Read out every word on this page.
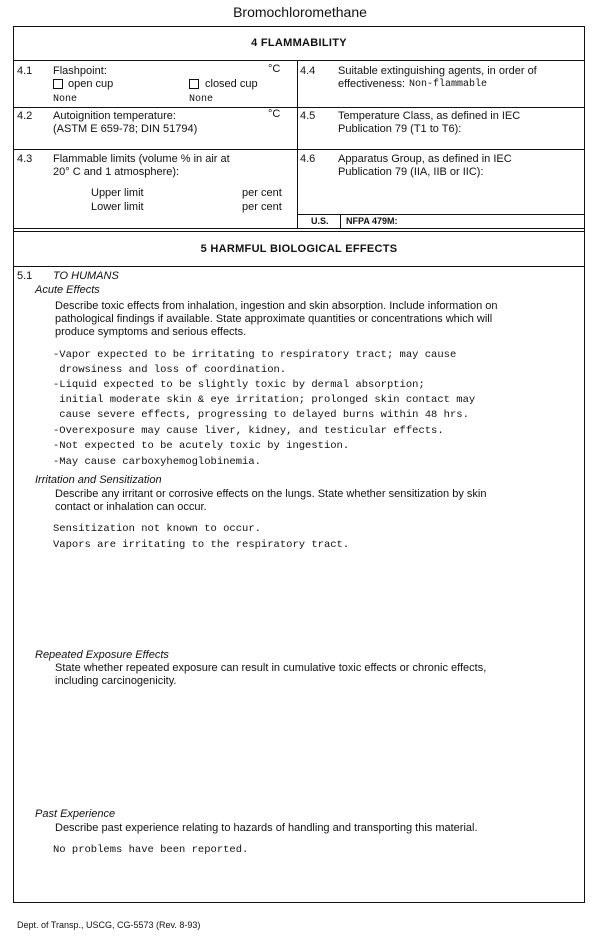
Bromochloromethane
4 FLAMMABILITY
4.1 Flashpoint:	°C
open cup	closed cup
None	None
4.4 Suitable extinguishing agents, in order of
effectiveness: Non-flammable
4.2 Autoignition temperature:	°C
(ASTM E 659-78; DIN 51794)
4.5 Temperature Class, as defined in IEC
Publication 79 (T1 to T6):
4.3 Flammable limits (volume % in air at
20° C and 1 atmosphere):
Upper limit	per cent
Lower limit	per cent
4.6 Apparatus Group, as defined in IEC
Publication 79 (IIA, IIB or IIC):
U.S. NFPA 479M:
5 HARMFUL BIOLOGICAL EFFECTS
5.1 TO HUMANS
Acute Effects
Describe toxic effects from inhalation, ingestion and skin absorption. Include information on
pathological findings if available. State approximate quantities or concentrations which will
produce symptoms and serious effects.
-Vapor expected to be irritating to respiratory tract; may cause
drowsiness and loss of coordination.
-Liquid expected to be slightly toxic by dermal absorption;
initial moderate skin & eye irritation; prolonged skin contact may
cause severe effects, progressing to delayed burns within 48 hrs.
-Overexposure may cause liver, kidney, and testicular effects.
-Not expected to be acutely toxic by ingestion.
-May cause carboxyhemoglobinemia.
Irritation and Sensitization
Describe any irritant or corrosive effects on the lungs. State whether sensitization by skin
contact or inhalation can occur.
Sensitization not known to occur.
Vapors are irritating to the respiratory tract.
Repeated Exposure Effects
State whether repeated exposure can result in cumulative toxic effects or chronic effects,
including carcinogenicity.
Past Experience
Describe past experience relating to hazards of handling and transporting this material.
No problems have been reported.
Dept. of Transp., USCG, CG-5573 (Rev. 8-93)
